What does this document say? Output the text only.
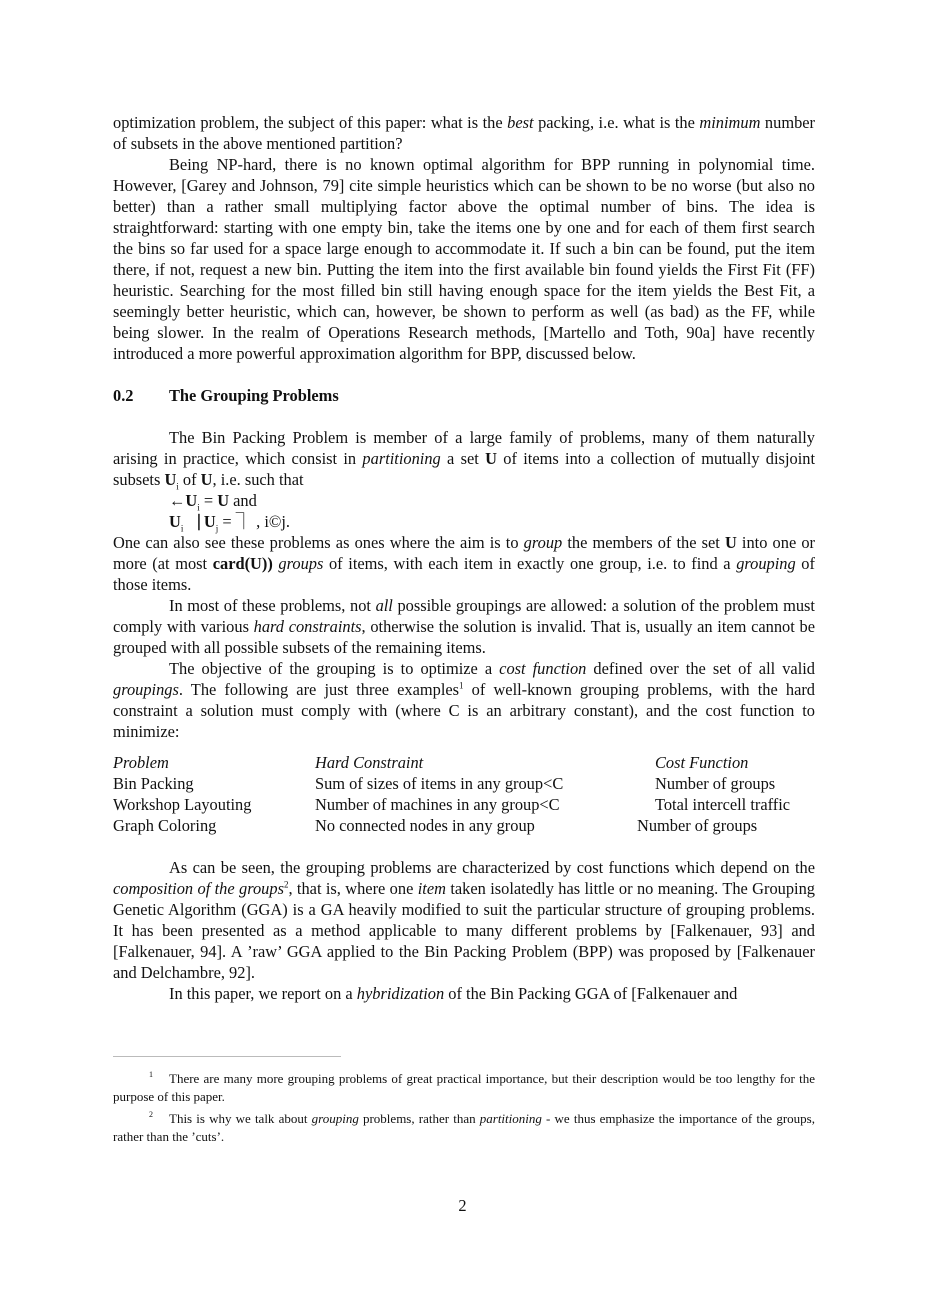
optimization problem, the subject of this paper: what is the best packing, i.e. what is the minimum number of subsets in the above mentioned partition?

Being NP-hard, there is no known optimal algorithm for BPP running in polynomial time. However, [Garey and Johnson, 79] cite simple heuristics which can be shown to be no worse (but also no better) than a rather small multiplying factor above the optimal number of bins. The idea is straightforward: starting with one empty bin, take the items one by one and for each of them first search the bins so far used for a space large enough to accommodate it. If such a bin can be found, put the item there, if not, request a new bin. Putting the item into the first available bin found yields the First Fit (FF) heuristic. Searching for the most filled bin still having enough space for the item yields the Best Fit, a seemingly better heuristic, which can, however, be shown to perform as well (as bad) as the FF, while being slower. In the realm of Operations Research methods, [Martello and Toth, 90a] have recently introduced a more powerful approximation algorithm for BPP, discussed below.

0.2 The Grouping Problems

The Bin Packing Problem is member of a large family of problems, many of them naturally arising in practice, which consist in partitioning a set U of items into a collection of mutually disjoint subsets $U_i$ of U, i.e. such that

$\leftarrow U_i = U$ and
$U_i⎹$ $U_j$ = ⏋ , i©j.

One can also see these problems as ones where the aim is to group the members of the set U into one or more (at most card(U)) groups of items, with each item in exactly one group, i.e. to find a grouping of those items.

In most of these problems, not all possible groupings are allowed: a solution of the problem must comply with various hard constraints, otherwise the solution is invalid. That is, usually an item cannot be grouped with all possible subsets of the remaining items.

The objective of the grouping is to optimize a cost function defined over the set of all valid groupings. The following are just three examples$^1$ of well-known grouping problems, with the hard constraint a solution must comply with (where C is an arbitrary constant), and the cost function to minimize:

Problem	Hard Constraint	Cost Function
Bin Packing	Sum of sizes of items in any group<C	Number of groups
Workshop Layouting	Number of machines in any group<C	Total intercell traffic
Graph Coloring	No connected nodes in any group	Number of groups

As can be seen, the grouping problems are characterized by cost functions which depend on the composition of the groups$^2$, that is, where one item taken isolatedly has little or no meaning. The Grouping Genetic Algorithm (GGA) is a GA heavily modified to suit the particular structure of grouping problems. It has been presented as a method applicable to many different problems by [Falkenauer, 93] and [Falkenauer, 94]. A ’raw’ GGA applied to the Bin Packing Problem (BPP) was proposed by [Falkenauer and Delchambre, 92].

In this paper, we report on a hybridization of the Bin Packing GGA of [Falkenauer and

1 There are many more grouping problems of great practical importance, but their description would be too lengthy for the purpose of this paper.

2 This is why we talk about grouping problems, rather than partitioning - we thus emphasize the importance of the groups, rather than the ’cuts’.

2
